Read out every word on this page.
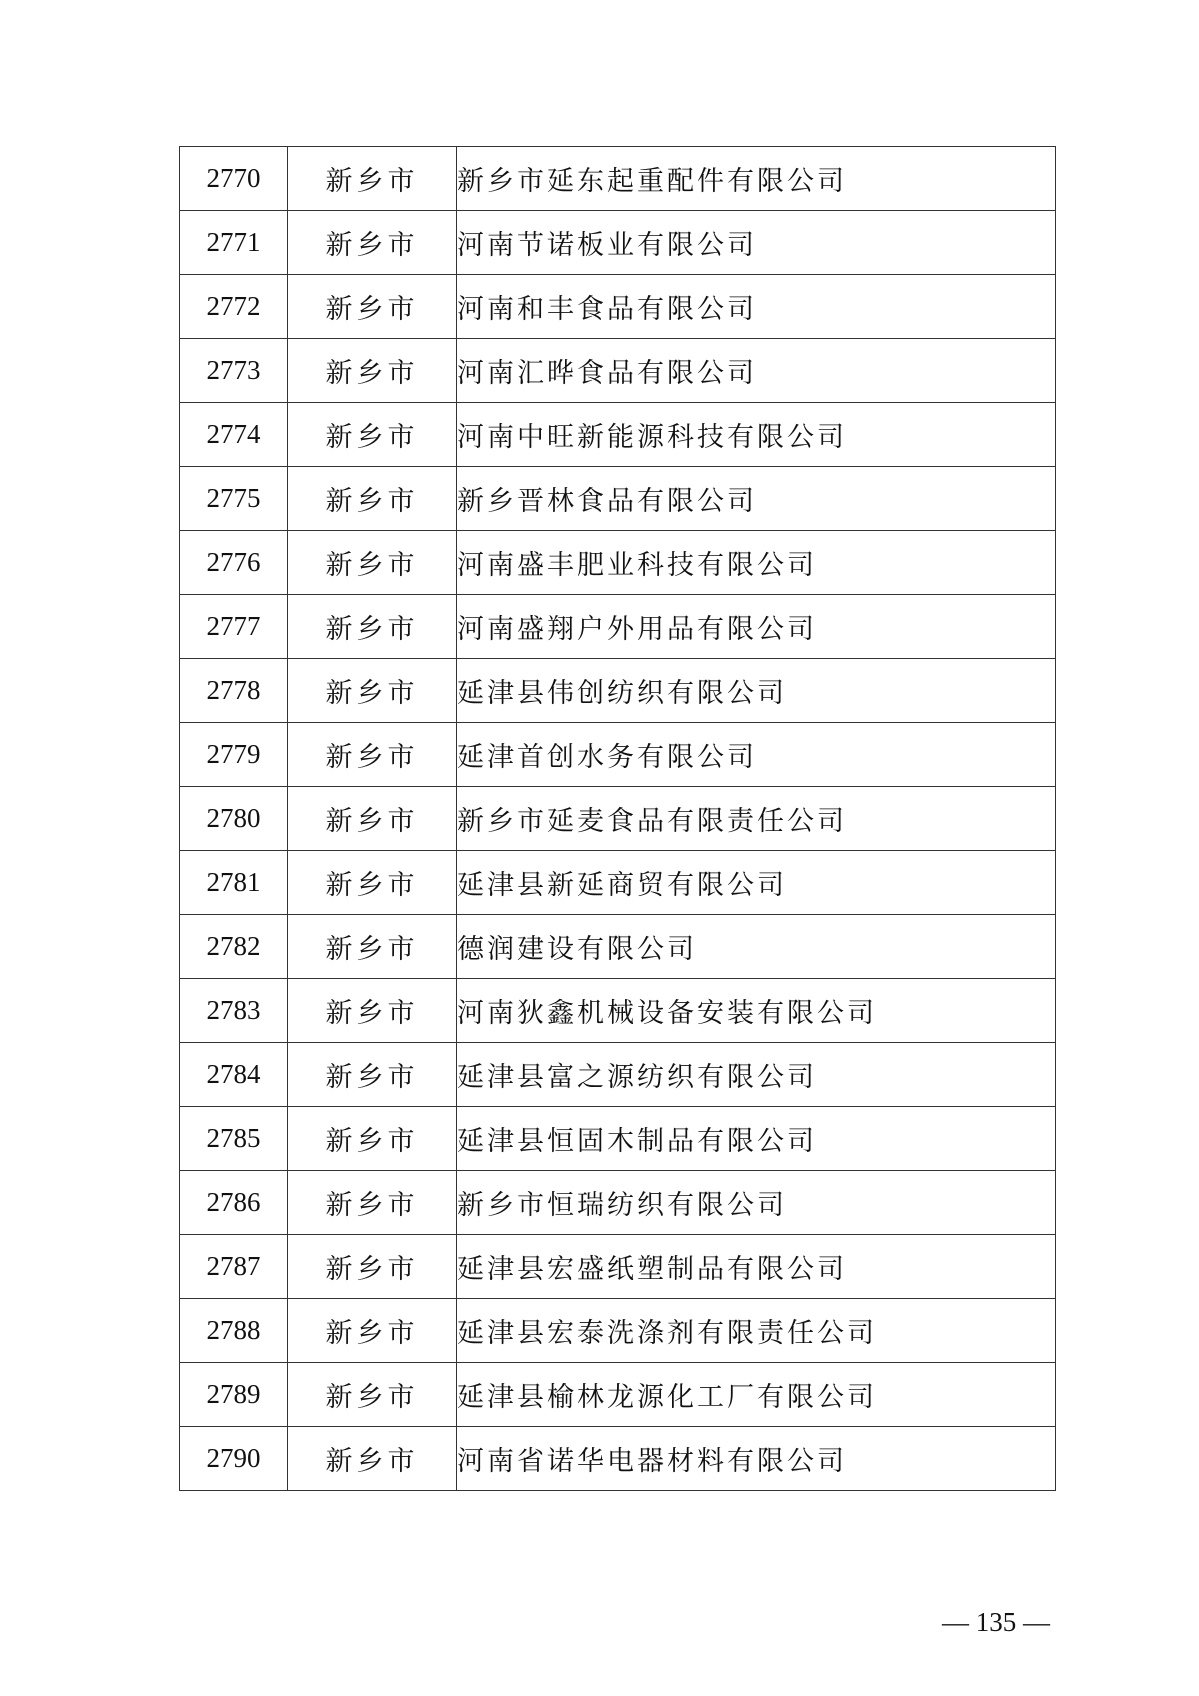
2770	新乡市	新乡市延东起重配件有限公司
2771	新乡市	河南节诺板业有限公司
2772	新乡市	河南和丰食品有限公司
2773	新乡市	河南汇晔食品有限公司
2774	新乡市	河南中旺新能源科技有限公司
2775	新乡市	新乡晋林食品有限公司
2776	新乡市	河南盛丰肥业科技有限公司
2777	新乡市	河南盛翔户外用品有限公司
2778	新乡市	延津县伟创纺织有限公司
2779	新乡市	延津首创水务有限公司
2780	新乡市	新乡市延麦食品有限责任公司
2781	新乡市	延津县新延商贸有限公司
2782	新乡市	德润建设有限公司
2783	新乡市	河南狄鑫机械设备安装有限公司
2784	新乡市	延津县富之源纺织有限公司
2785	新乡市	延津县恒固木制品有限公司
2786	新乡市	新乡市恒瑞纺织有限公司
2787	新乡市	延津县宏盛纸塑制品有限公司
2788	新乡市	延津县宏泰洗涤剂有限责任公司
2789	新乡市	延津县榆林龙源化工厂有限公司
2790	新乡市	河南省诺华电器材料有限公司
— 135 —
